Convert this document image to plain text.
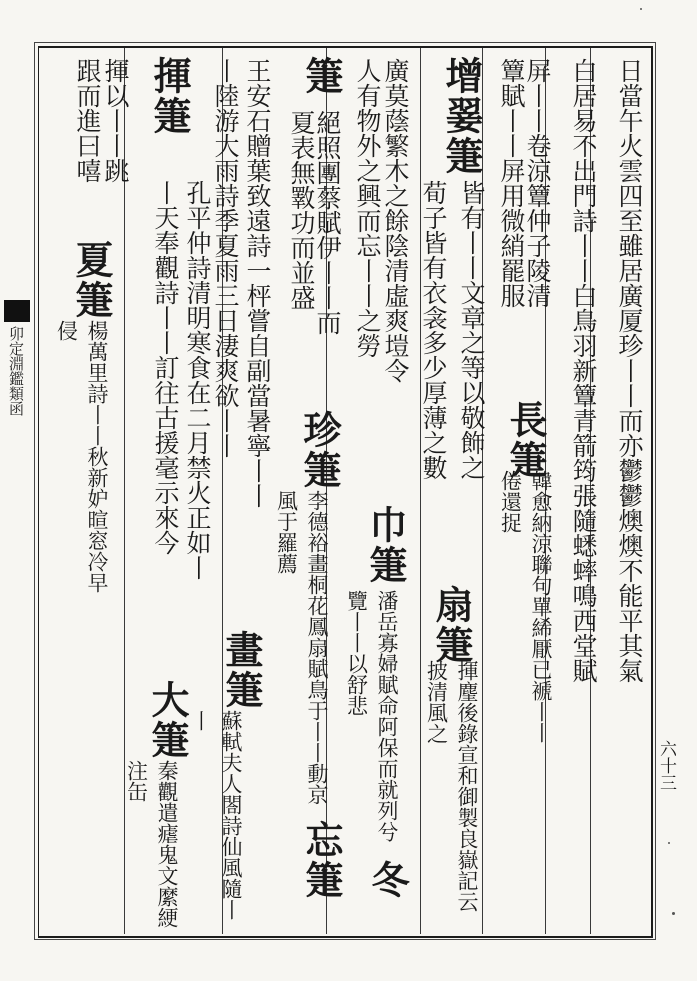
日當午火雲四至雖居廣厦珍丨丨而亦鬱鬱燠燠不能平其氣
白居易不出門詩丨丨白鳥羽新簟青箭筠張隨蟋蟀鳴西堂賦
屏丨丨卷涼簟仲子陵清
簟賦丨丨屏用微綃罷服
增翣箑
荀子皆有衣衾多少厚薄之數 皆有丨丨文章之等以敬飾之
廣莫蔭繁木之餘陰清虛爽塏令
人有物外之興而忘丨丨之勞
箑
絕照團蔡賦伊丨丨而
夏表無斁功而並盛
王安石贈葉致遠詩一枰嘗自副當暑寧丨丨
丨陸游大雨詩季夏雨三日淒爽欲丨丨
揮箑
孔平仲詩清明寒食在二月禁火正如丨
丨天奉觀詩丨丨訂往古援毫示來今
揮以丨丨跳
跟而進曰嘻
長箑
韓愈納涼聯句單絺厭已褫丨丨倦還捉
扇箑
揮麈後錄宣和御製良嶽記云披清風之
巾箑
潘岳寡婦賦命阿保而就列兮覽丨丨以舒悲
冬
珍箑
李德裕畫桐花鳳扇賦鳥于丨丨動京風于羅薦
忘箑
畫箑
蘇軾夫人閤詩仙風隨丨丨
大箑
秦觀遣瘧鬼文縻綆注缶
夏箑
楊萬里詩丨丨秋新妒暄窓冷早侵
卯定淵鑑類函
六十三
